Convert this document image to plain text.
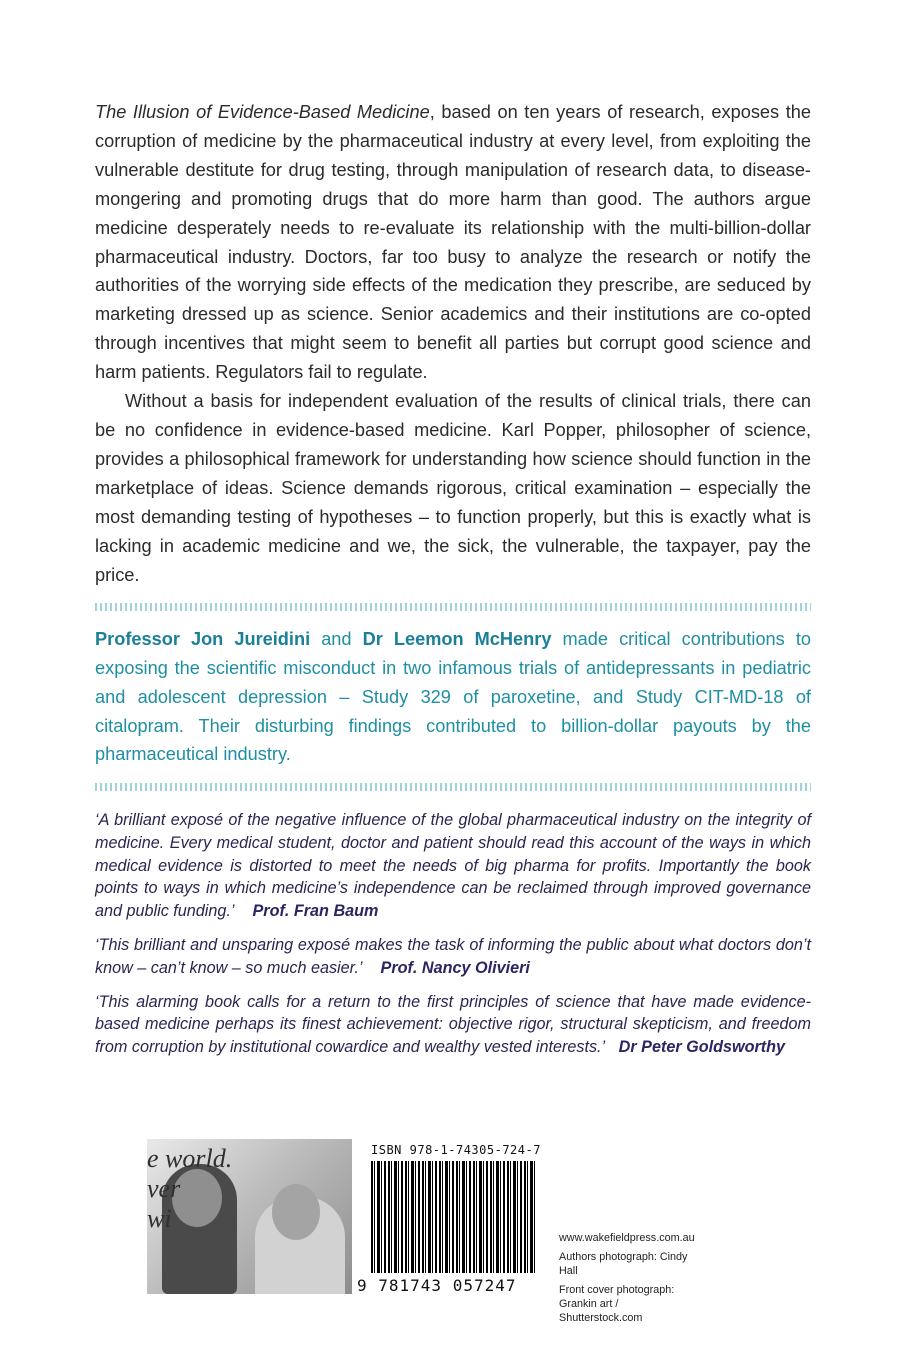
The Illusion of Evidence-Based Medicine, based on ten years of research, exposes the corruption of medicine by the pharmaceutical industry at every level, from exploiting the vulnerable destitute for drug testing, through manipulation of research data, to disease-mongering and promoting drugs that do more harm than good. The authors argue medicine desperately needs to re-evaluate its relationship with the multi-billion-dollar pharmaceutical industry. Doctors, far too busy to analyze the research or notify the authorities of the worrying side effects of the medication they prescribe, are seduced by marketing dressed up as science. Senior academics and their institutions are co-opted through incentives that might seem to benefit all parties but corrupt good science and harm patients. Regulators fail to regulate.

Without a basis for independent evaluation of the results of clinical trials, there can be no confidence in evidence-based medicine. Karl Popper, philosopher of science, provides a philosophical framework for understanding how science should function in the marketplace of ideas. Science demands rigorous, critical examination – especially the most demanding testing of hypotheses – to function properly, but this is exactly what is lacking in academic medicine and we, the sick, the vulnerable, the taxpayer, pay the price.

Professor Jon Jureidini and Dr Leemon McHenry made critical contributions to exposing the scientific misconduct in two infamous trials of antidepressants in pediatric and adolescent depression – Study 329 of paroxetine, and Study CIT-MD-18 of citalopram. Their disturbing findings contributed to billion-dollar payouts by the pharmaceutical industry.

‘A brilliant exposé of the negative influence of the global pharmaceutical industry on the integrity of medicine. Every medical student, doctor and patient should read this account of the ways in which medical evidence is distorted to meet the needs of big pharma for profits. Importantly the book points to ways in which medicine’s independence can be reclaimed through improved governance and public funding.’ Prof. Fran Baum

‘This brilliant and unsparing exposé makes the task of informing the public about what doctors don’t know – can’t know – so much easier.’ Prof. Nancy Olivieri

‘This alarming book calls for a return to the first principles of science that have made evidence-based medicine perhaps its finest achievement: objective rigor, structural skepticism, and freedom from corruption by institutional cowardice and wealthy vested interests.’ Dr Peter Goldsworthy

e world.
ver
wi
ISBN 978-1-74305-724-7
9 781743 057247
www.wakefieldpress.com.au
Authors photograph: Cindy Hall
Front cover photograph: Grankin art / Shutterstock.com
